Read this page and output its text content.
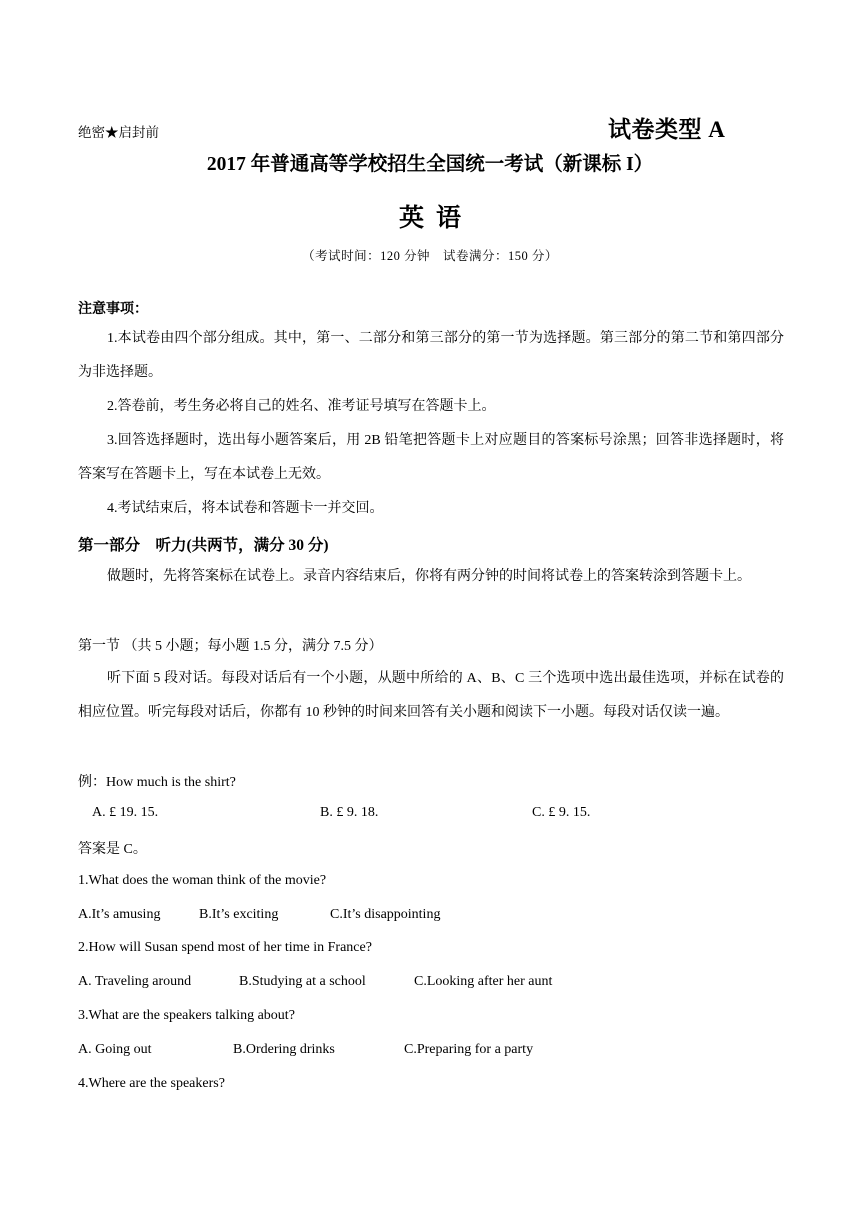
绝密★启封前	试卷类型 A
2017 年普通高等学校招生全国统一考试（新课标 I）
英语
（考试时间：120 分钟　试卷满分：150 分）
注意事项：
1.本试卷由四个部分组成。其中，第一、二部分和第三部分的第一节为选择题。第三部分的第二节和第四部分为非选择题。
2.答卷前，考生务必将自己的姓名、准考证号填写在答题卡上。
3.回答选择题时，选出每小题答案后，用 2B 铅笔把答题卡上对应题目的答案标号涂黑；回答非选择题时，将答案写在答题卡上，写在本试卷上无效。
4.考试结束后，将本试卷和答题卡一并交回。
第一部分　听力(共两节，满分 30 分)
做题时，先将答案标在试卷上。录音内容结束后，你将有两分钟的时间将试卷上的答案转涂到答题卡上。
第一节 （共 5 小题；每小题 1.5 分，满分 7.5 分）
听下面 5 段对话。每段对话后有一个小题，从题中所给的 A、B、C 三个选项中选出最佳选项，并标在试卷的相应位置。听完每段对话后，你都有 10 秒钟的时间来回答有关小题和阅读下一小题。每段对话仅读一遍。
例：How much is the shirt?
A. £ 19. 15.	B. £ 9. 18.	C. £ 9. 15.
答案是 C。
1.What does the woman think of the movie?
A.It’s amusing	B.It’s exciting	C.It’s disappointing
2.How will Susan spend most of her time in France?
A. Traveling around	B.Studying at a school	C.Looking after her aunt
3.What are the speakers talking about?
A. Going out	B.Ordering drinks	C.Preparing for a party
4.Where are the speakers?
